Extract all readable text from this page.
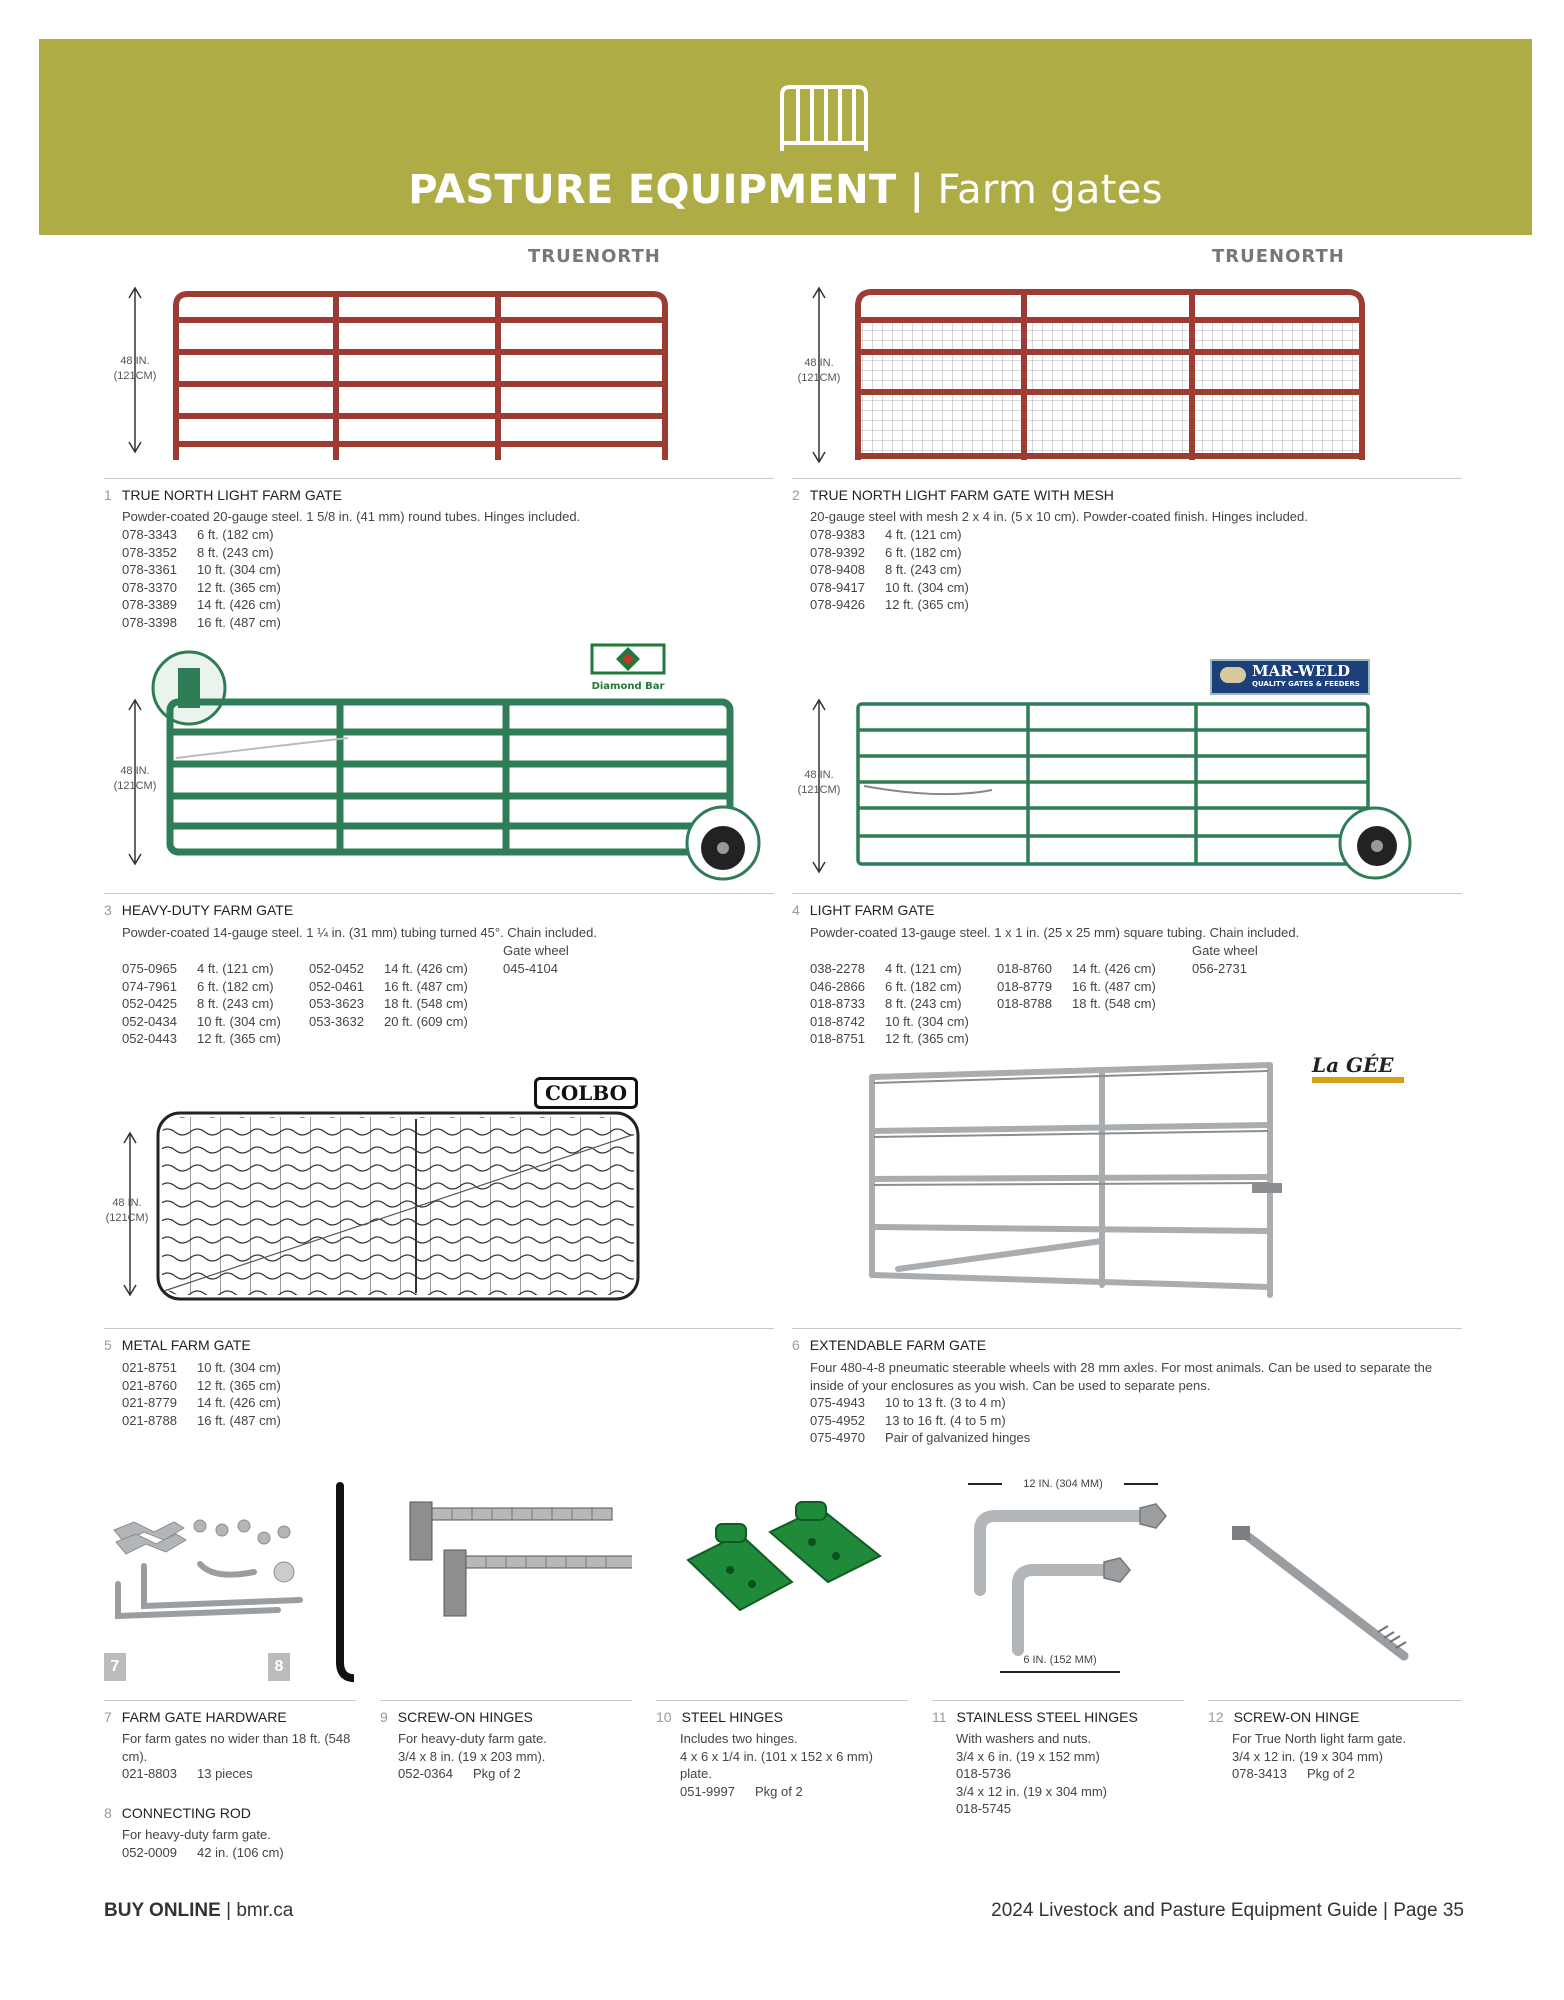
PASTURE EQUIPMENT | Farm gates
TRUENORTH
48 IN.
(121CM)
1 TRUE NORTH LIGHT FARM GATE
Powder-coated 20-gauge steel. 1 5/8 in. (41 mm) round tubes. Hinges included.
078-3343 6 ft. (182 cm)
078-3352 8 ft. (243 cm)
078-3361 10 ft. (304 cm)
078-3370 12 ft. (365 cm)
078-3389 14 ft. (426 cm)
078-3398 16 ft. (487 cm)
TRUENORTH
48 IN.
(121CM)
2 TRUE NORTH LIGHT FARM GATE WITH MESH
20-gauge steel with mesh 2 x 4 in. (5 x 10 cm). Powder-coated finish. Hinges included.
078-9383 4 ft. (121 cm)
078-9392 6 ft. (182 cm)
078-9408 8 ft. (243 cm)
078-9417 10 ft. (304 cm)
078-9426 12 ft. (365 cm)
Diamond Bar
48 IN.
(121CM)
3 HEAVY-DUTY FARM GATE
Powder-coated 14-gauge steel. 1 ¼ in. (31 mm) tubing turned 45°. Chain included.
Gate wheel
045-4104
075-0965 4 ft. (121 cm)
074-7961 6 ft. (182 cm)
052-0425 8 ft. (243 cm)
052-0434 10 ft. (304 cm)
052-0443 12 ft. (365 cm)
052-0452 14 ft. (426 cm)
052-0461 16 ft. (487 cm)
053-3623 18 ft. (548 cm)
053-3632 20 ft. (609 cm)
MAR-WELD
QUALITY GATES & FEEDERS
48 IN.
(121CM)
4 LIGHT FARM GATE
Powder-coated 13-gauge steel. 1 x 1 in. (25 x 25 mm) square tubing. Chain included.
Gate wheel
056-2731
038-2278 4 ft. (121 cm)
046-2866 6 ft. (182 cm)
018-8733 8 ft. (243 cm)
018-8742 10 ft. (304 cm)
018-8751 12 ft. (365 cm)
018-8760 14 ft. (426 cm)
018-8779 16 ft. (487 cm)
018-8788 18 ft. (548 cm)
COLBO
48 IN.
(121CM)
5 METAL FARM GATE
021-8751 10 ft. (304 cm)
021-8760 12 ft. (365 cm)
021-8779 14 ft. (426 cm)
021-8788 16 ft. (487 cm)
La GÉE
6 EXTENDABLE FARM GATE
Four 480-4-8 pneumatic steerable wheels with 28 mm axles. For most animals. Can be used to separate the inside of your enclosures as you wish. Can be used to separate pens.
075-4943 10 to 13 ft. (3 to 4 m)
075-4952 13 to 16 ft. (4 to 5 m)
075-4970 Pair of galvanized hinges
7	8
12 IN. (304 MM)
6 IN. (152 MM)
7 FARM GATE HARDWARE
For farm gates no wider than 18 ft. (548 cm).
021-8803 13 pieces
8 CONNECTING ROD
For heavy-duty farm gate.
052-0009 42 in. (106 cm)
9 SCREW-ON HINGES
For heavy-duty farm gate.
3/4 x 8 in. (19 x 203 mm).
052-0364 Pkg of 2
10 STEEL HINGES
Includes two hinges.
4 x 6 x 1/4 in. (101 x 152 x 6 mm)
plate.
051-9997 Pkg of 2
11 STAINLESS STEEL HINGES
With washers and nuts.
3/4 x 6 in. (19 x 152 mm)
018-5736
3/4 x 12 in. (19 x 304 mm)
018-5745
12 SCREW-ON HINGE
For True North light farm gate.
3/4 x 12 in. (19 x 304 mm)
078-3413 Pkg of 2
BUY ONLINE | bmr.ca	2024 Livestock and Pasture Equipment Guide | Page 35
